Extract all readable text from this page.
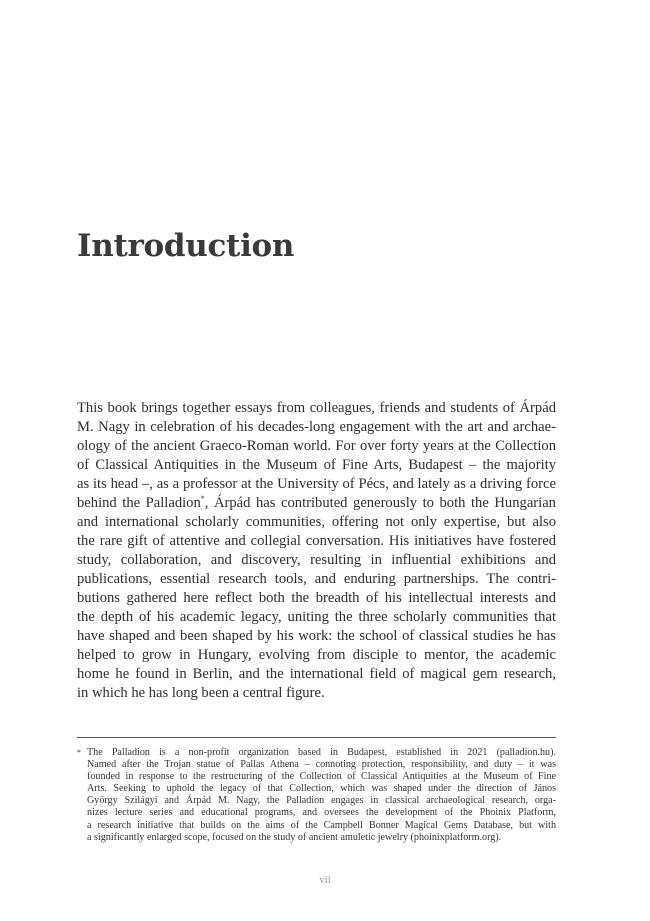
Introduction
This book brings together essays from colleagues, friends and students of Árpád
M. Nagy in celebration of his decades-long engagement with the art and archae-
ology of the ancient Graeco-Roman world. For over forty years at the Collection
of Classical Antiquities in the Museum of Fine Arts, Budapest – the majority
as its head –, as a professor at the University of Pécs, and lately as a driving force
behind the Palladion*, Árpád has contributed generously to both the Hungarian
and international scholarly communities, offering not only expertise, but also
the rare gift of attentive and collegial conversation. His initiatives have fostered
study, collaboration, and discovery, resulting in influential exhibitions and
publications, essential research tools, and enduring partnerships. The contri-
butions gathered here reflect both the breadth of his intellectual interests and
the depth of his academic legacy, uniting the three scholarly communities that
have shaped and been shaped by his work: the school of classical studies he has
helped to grow in Hungary, evolving from disciple to mentor, the academic
home he found in Berlin, and the international field of magical gem research,
in which he has long been a central figure.
* The Palladion is a non-profit organization based in Budapest, established in 2021 (palladion.hu).
Named after the Trojan statue of Pallas Athena – connoting protection, responsibility, and duty – it was
founded in response to the restructuring of the Collection of Classical Antiquities at the Museum of Fine
Arts. Seeking to uphold the legacy of that Collection, which was shaped under the direction of János
György Szilágyi and Árpád M. Nagy, the Palladion engages in classical archaeological research, orga-
nizes lecture series and educational programs, and oversees the development of the Phoinix Platform,
a research initiative that builds on the aims of the Campbell Bonner Magical Gems Database, but with
a significantly enlarged scope, focused on the study of ancient amuletic jewelry (phoinixplatform.org).
vii
